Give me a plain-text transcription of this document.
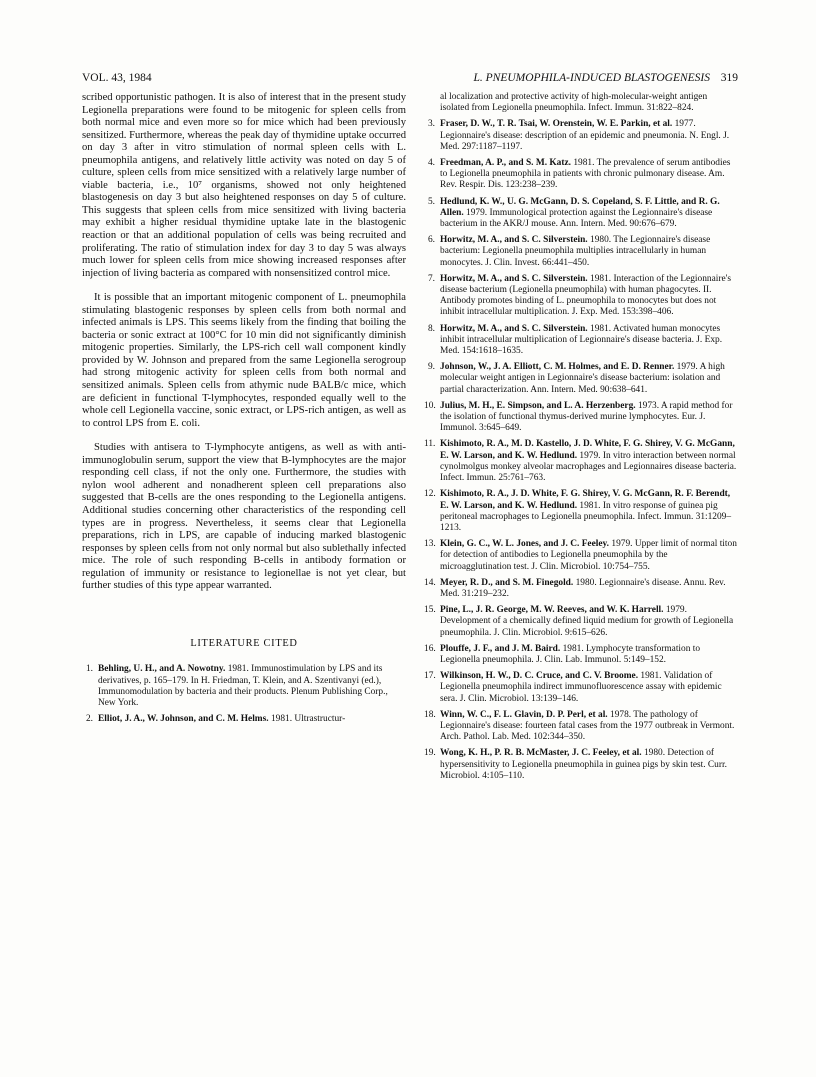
VOL. 43, 1984	L. PNEUMOPHILA-INDUCED BLASTOGENESIS 319

scribed opportunistic pathogen. It is also of interest that in the present study Legionella preparations were found to be mitogenic for spleen cells from both normal mice and even more so for mice which had been previously sensitized. Furthermore, whereas the peak day of thymidine uptake occurred on day 3 after in vitro stimulation of normal spleen cells with L. pneumophila antigens, and relatively little activity was noted on day 5 of culture, spleen cells from mice sensitized with a relatively large number of viable bacteria, i.e., 10⁷ organisms, showed not only heightened blastogenesis on day 3 but also heightened responses on day 5 of culture. This suggests that spleen cells from mice sensitized with living bacteria may exhibit a higher residual thymidine uptake late in the blastogenic reaction or that an additional population of cells was being recruited and proliferating. The ratio of stimulation index for day 3 to day 5 was always much lower for spleen cells from mice showing increased responses after injection of living bacteria as compared with nonsensitized control mice.

It is possible that an important mitogenic component of L. pneumophila stimulating blastogenic responses by spleen cells from both normal and infected animals is LPS. This seems likely from the finding that boiling the bacteria or sonic extract at 100°C for 10 min did not significantly diminish mitogenic properties. Similarly, the LPS-rich cell wall component kindly provided by W. Johnson and prepared from the same Legionella serogroup had strong mitogenic activity for spleen cells from both normal and sensitized animals. Spleen cells from athymic nude BALB/c mice, which are deficient in functional T-lymphocytes, responded equally well to the whole cell Legionella vaccine, sonic extract, or LPS-rich antigen, as well as to control LPS from E. coli.

Studies with antisera to T-lymphocyte antigens, as well as with anti-immunoglobulin serum, support the view that B-lymphocytes are the major responding cell class, if not the only one. Furthermore, the studies with nylon wool adherent and nonadherent spleen cell preparations also suggested that B-cells are the ones responding to the Legionella antigens. Additional studies concerning other characteristics of the responding cell types are in progress. Nevertheless, it seems clear that Legionella preparations, rich in LPS, are capable of inducing marked blastogenic responses by spleen cells from not only normal but also sublethally infected mice. The role of such responding B-cells in antibody formation or regulation of immunity or resistance to legionellae is not yet clear, but further studies of this type appear warranted.

LITERATURE CITED
1. Behling, U. H., and A. Nowotny. 1981. Immunostimulation by LPS and its derivatives, p. 165–179. In H. Friedman, T. Klein, and A. Szentivanyi (ed.), Immunomodulation by bacteria and their products. Plenum Publishing Corp., New York.
2. Elliot, J. A., W. Johnson, and C. M. Helms. 1981. Ultrastructur-
al localization and protective activity of high-molecular-weight antigen isolated from Legionella pneumophila. Infect. Immun. 31:822–824.
3. Fraser, D. W., T. R. Tsai, W. Orenstein, W. E. Parkin, et al. 1977. Legionnaire's disease: description of an epidemic and pneumonia. N. Engl. J. Med. 297:1187–1197.
4. Freedman, A. P., and S. M. Katz. 1981. The prevalence of serum antibodies to Legionella pneumophila in patients with chronic pulmonary disease. Am. Rev. Respir. Dis. 123:238–239.
5. Hedlund, K. W., U. G. McGann, D. S. Copeland, S. F. Little, and R. G. Allen. 1979. Immunological protection against the Legionnaire's disease bacterium in the AKR/J mouse. Ann. Intern. Med. 90:676–679.
6. Horwitz, M. A., and S. C. Silverstein. 1980. The Legionnaire's disease bacterium: Legionella pneumophila multiplies intracellularly in human monocytes. J. Clin. Invest. 66:441–450.
7. Horwitz, M. A., and S. C. Silverstein. 1981. Interaction of the Legionnaire's disease bacterium (Legionella pneumophila) with human phagocytes. II. Antibody promotes binding of L. pneumophila to monocytes but does not inhibit intracellular multiplication. J. Exp. Med. 153:398–406.
8. Horwitz, M. A., and S. C. Silverstein. 1981. Activated human monocytes inhibit intracellular multiplication of Legionnaire's disease bacteria. J. Exp. Med. 154:1618–1635.
9. Johnson, W., J. A. Elliott, C. M. Holmes, and E. D. Renner. 1979. A high molecular weight antigen in Legionnaire's disease bacterium: isolation and partial characterization. Ann. Intern. Med. 90:638–641.
10. Julius, M. H., E. Simpson, and L. A. Herzenberg. 1973. A rapid method for the isolation of functional thymus-derived murine lymphocytes. Eur. J. Immunol. 3:645–649.
11. Kishimoto, R. A., M. D. Kastello, J. D. White, F. G. Shirey, V. G. McGann, E. W. Larson, and K. W. Hedlund. 1979. In vitro interaction between normal cynolmolgus monkey alveolar macrophages and Legionnaires disease bacteria. Infect. Immun. 25:761–763.
12. Kishimoto, R. A., J. D. White, F. G. Shirey, V. G. McGann, R. F. Berendt, E. W. Larson, and K. W. Hedlund. 1981. In vitro response of guinea pig peritoneal macrophages to Legionella pneumophila. Infect. Immun. 31:1209–1213.
13. Klein, G. C., W. L. Jones, and J. C. Feeley. 1979. Upper limit of normal titon for detection of antibodies to Legionella pneumophila by the microagglutination test. J. Clin. Microbiol. 10:754–755.
14. Meyer, R. D., and S. M. Finegold. 1980. Legionnaire's disease. Annu. Rev. Med. 31:219–232.
15. Pine, L., J. R. George, M. W. Reeves, and W. K. Harrell. 1979. Development of a chemically defined liquid medium for growth of Legionella pneumophila. J. Clin. Microbiol. 9:615–626.
16. Plouffe, J. F., and J. M. Baird. 1981. Lymphocyte transformation to Legionella pneumophila. J. Clin. Lab. Immunol. 5:149–152.
17. Wilkinson, H. W., D. C. Cruce, and C. V. Broome. 1981. Validation of Legionella pneumophila indirect immunofluorescence assay with epidemic sera. J. Clin. Microbiol. 13:139–146.
18. Winn, W. C., F. L. Glavin, D. P. Perl, et al. 1978. The pathology of Legionnaire's disease: fourteen fatal cases from the 1977 outbreak in Vermont. Arch. Pathol. Lab. Med. 102:344–350.
19. Wong, K. H., P. R. B. McMaster, J. C. Feeley, et al. 1980. Detection of hypersensitivity to Legionella pneumophila in guinea pigs by skin test. Curr. Microbiol. 4:105–110.
